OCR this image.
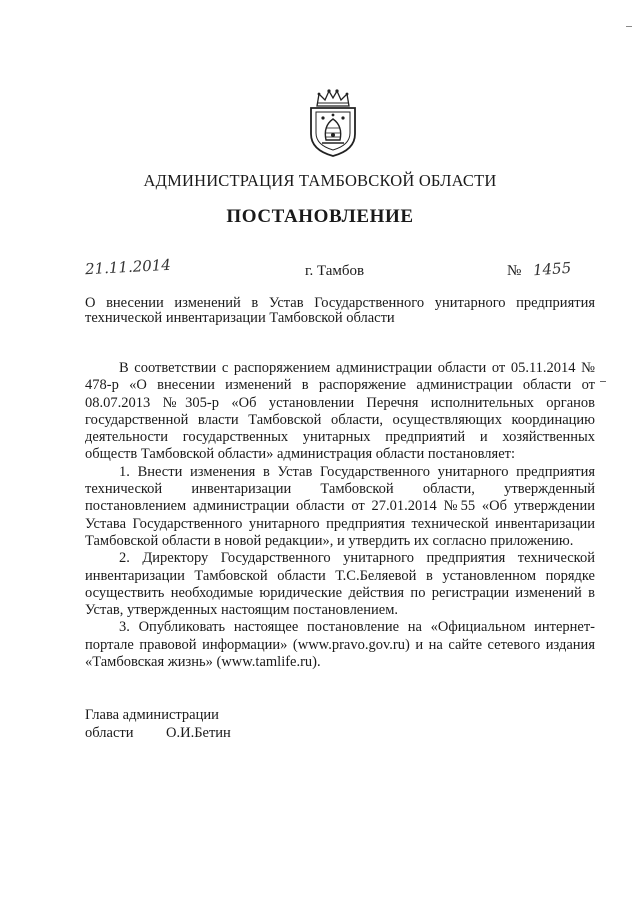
АДМИНИСТРАЦИЯ ТАМБОВСКОЙ ОБЛАСТИ
ПОСТАНОВЛЕНИЕ
21.11.2014	г. Тамбов	№ 1455
О внесении изменений в Устав Государственного унитарного предприятия технической инвентаризации Тамбовской области

В соответствии с распоряжением администрации области от 05.11.2014 № 478-р «О внесении изменений в распоряжение администрации области от 08.07.2013 №305-р «Об установлении Перечня исполнительных органов государственной власти Тамбовской области, осуществляющих координацию деятельности государственных унитарных предприятий и хозяйственных обществ Тамбовской области» администрация области постановляет:

1. Внести изменения в Устав Государственного унитарного предприятия технической инвентаризации Тамбовской области, утвержденный постановлением администрации области от 27.01.2014 №55 «Об утверждении Устава Государственного унитарного предприятия технической инвентаризации Тамбовской области в новой редакции», и утвердить их согласно приложению.

2. Директору Государственного унитарного предприятия технической инвентаризации Тамбовской области Т.С.Беляевой в установленном порядке осуществить необходимые юридические действия по регистрации изменений в Устав, утвержденных настоящим постановлением.

3. Опубликовать настоящее постановление на «Официальном интернет-портале правовой информации» (www.pravo.gov.ru) и на сайте сетевого издания «Тамбовская жизнь» (www.tamlife.ru).

Глава администрации
области О.И.Бетин
